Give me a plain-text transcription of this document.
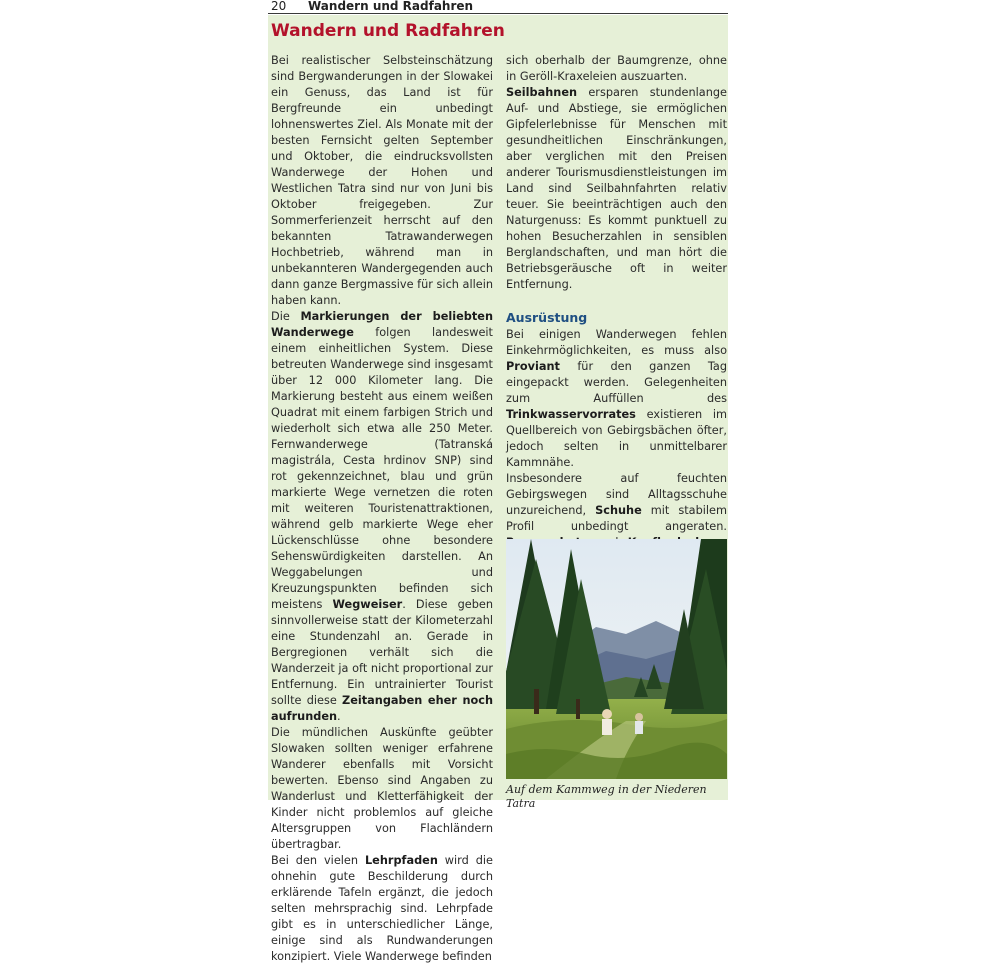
20 Wandern und Radfahren
Wandern und Radfahren

Bei realistischer Selbsteinschätzung sind Bergwanderungen in der Slowakei ein Genuss, das Land ist für Bergfreunde ein unbedingt lohnenswertes Ziel. Als Monate mit der besten Fernsicht gelten September und Oktober, die eindrucksvollsten Wanderwege der Hohen und Westlichen Tatra sind nur von Juni bis Oktober freigegeben. Zur Sommerferienzeit herrscht auf den bekannten Tatrawanderwegen Hochbetrieb, während man in unbekannteren Wandergegenden auch dann ganze Bergmassive für sich allein haben kann.

Die Markierungen der beliebten Wanderwege folgen landesweit einem einheitlichen System. Diese betreuten Wanderwege sind insgesamt über 12 000 Kilometer lang. Die Markierung besteht aus einem weißen Quadrat mit einem farbigen Strich und wiederholt sich etwa alle 250 Meter. Fernwanderwege (Tatranská magistrála, Cesta hrdinov SNP) sind rot gekennzeichnet, blau und grün markierte Wege vernetzen die roten mit weiteren Touristenattraktionen, während gelb markierte Wege eher Lückenschlüsse ohne besondere Sehenswürdigkeiten darstellen. An Weggabelungen und Kreuzungspunkten befinden sich meistens Wegweiser. Diese geben sinnvollerweise statt der Kilometerzahl eine Stundenzahl an. Gerade in Bergregionen verhält sich die Wanderzeit ja oft nicht proportional zur Entfernung. Ein untrainierter Tourist sollte diese Zeitangaben eher noch aufrunden.

Die mündlichen Auskünfte geübter Slowaken sollten weniger erfahrene Wanderer ebenfalls mit Vorsicht bewerten. Ebenso sind Angaben zu Wanderlust und Kletterfähigkeit der Kinder nicht problemlos auf gleiche Altersgruppen von Flachländern übertragbar.

Bei den vielen Lehrpfaden wird die ohnehin gute Beschilderung durch erklärende Tafeln ergänzt, die jedoch selten mehrsprachig sind. Lehrpfade gibt es in unterschiedlicher Länge, einige sind als Rundwanderungen konzipiert. Viele Wanderwege befinden

sich oberhalb der Baumgrenze, ohne in Geröll-Kraxeleien auszuarten.

Seilbahnen ersparen stundenlange Auf- und Abstiege, sie ermöglichen Gipfelerlebnisse für Menschen mit gesundheitlichen Einschränkungen, aber verglichen mit den Preisen anderer Tourismusdienstleistungen im Land sind Seilbahnfahrten relativ teuer. Sie beeinträchtigen auch den Naturgenuss: Es kommt punktuell zu hohen Besucherzahlen in sensiblen Berglandschaften, und man hört die Betriebsgeräusche oft in weiter Entfernung.

Ausrüstung

Bei einigen Wanderwegen fehlen Einkehrmöglichkeiten, es muss also Proviant für den ganzen Tag eingepackt werden. Gelegenheiten zum Auffüllen des Trinkwasservorrates existieren im Quellbereich von Gebirgsbächen öfter, jedoch selten in unmittelbarer Kammnähe.

Insbesondere auf feuchten Gebirgswegen sind Alltagsschuhe unzureichend, Schuhe mit stabilem Profil unbedingt angeraten.

Auf dem Kammweg in der Niederen Tatra
